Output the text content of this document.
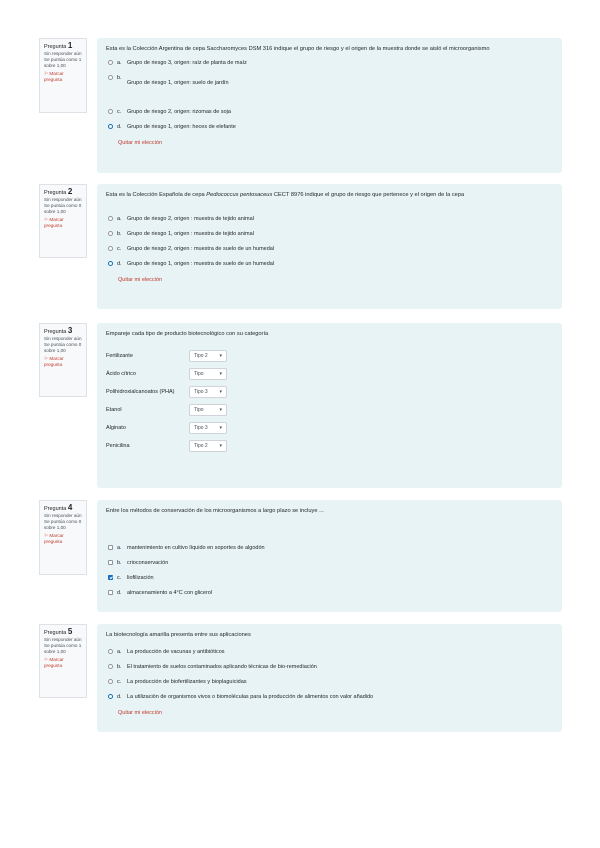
Pregunta 1
Sin responder aún
Se puntúa como 1 sobre 1,00
⚐ Marcar pregunta
Esta es la Colección Argentina de cepa Saccharomyces DSM 316 indique el grupo de riesgo y el origen de la muestra donde se aisló el microorganismo
a. Grupo de riesgo 3, origen: raíz de planta de maíz
b.
Grupo de riesgo 1, origen: suelo de jardín
c.	Grupo de riesgo 2, origen: rizomas de soja
d. Grupo de riesgo 1, origen: heces de elefante
Quitar mi elección
Pregunta 2
Sin responder aún
Se puntúa como 0 sobre 1,00
⚐ Marcar pregunta
Esta es la Colección Española de cepa Pediococcus pentosaceus CECT 8976 indique el grupo de riesgo que pertenece y el origen de la cepa
a. Grupo de riesgo 2, origen : muestra de tejido animal
b. Grupo de riesgo 1, origen : muestra de tejido animal
c.	Grupo de riesgo 2, origen : muestra de suelo de un humedal
d. Grupo de riesgo 1, origen : muestra de suelo de un humedal
Quitar mi elección
Pregunta 3
Sin responder aún
Se puntúa como 0 sobre 1,00
⚐ Marcar pregunta
Empareje cada tipo de producto biotecnológico con su categoría
Fertilizante	Tipo 2 ▾
Ácido cítrico	Tipo	▾
Polihidroxialcanoatos (PHA)	Tipo 3 ▾
Etanol	Tipo	▾
Alginato	Tipo 3 ▾
Penicilina	Tipo 2 ▾
Pregunta 4
Sin responder aún
Se puntúa como 0 sobre 1,00
⚐ Marcar pregunta
Entre los métodos de conservación de los microorganismos a largo plazo se incluye ...
a. mantenimiento en cultivo líquido en soportes de algodón
b. crioconservación
c.	liofilización
d. almacenamiento a 4°C con glicerol
Pregunta 5
Sin responder aún
Se puntúa como 1 sobre 1,00
⚐ Marcar pregunta
La biotecnología amarilla presenta entre sus aplicaciones
a. La producción de vacunas y antibióticos
b. El tratamiento de suelos contaminados aplicando técnicas de bio-remediación
c.	La producción de biofertilizantes y bioplaguicidas
d. La utilización de organismos vivos o biomoléculas para la producción de alimentos con valor añadido
Quitar mi elección
